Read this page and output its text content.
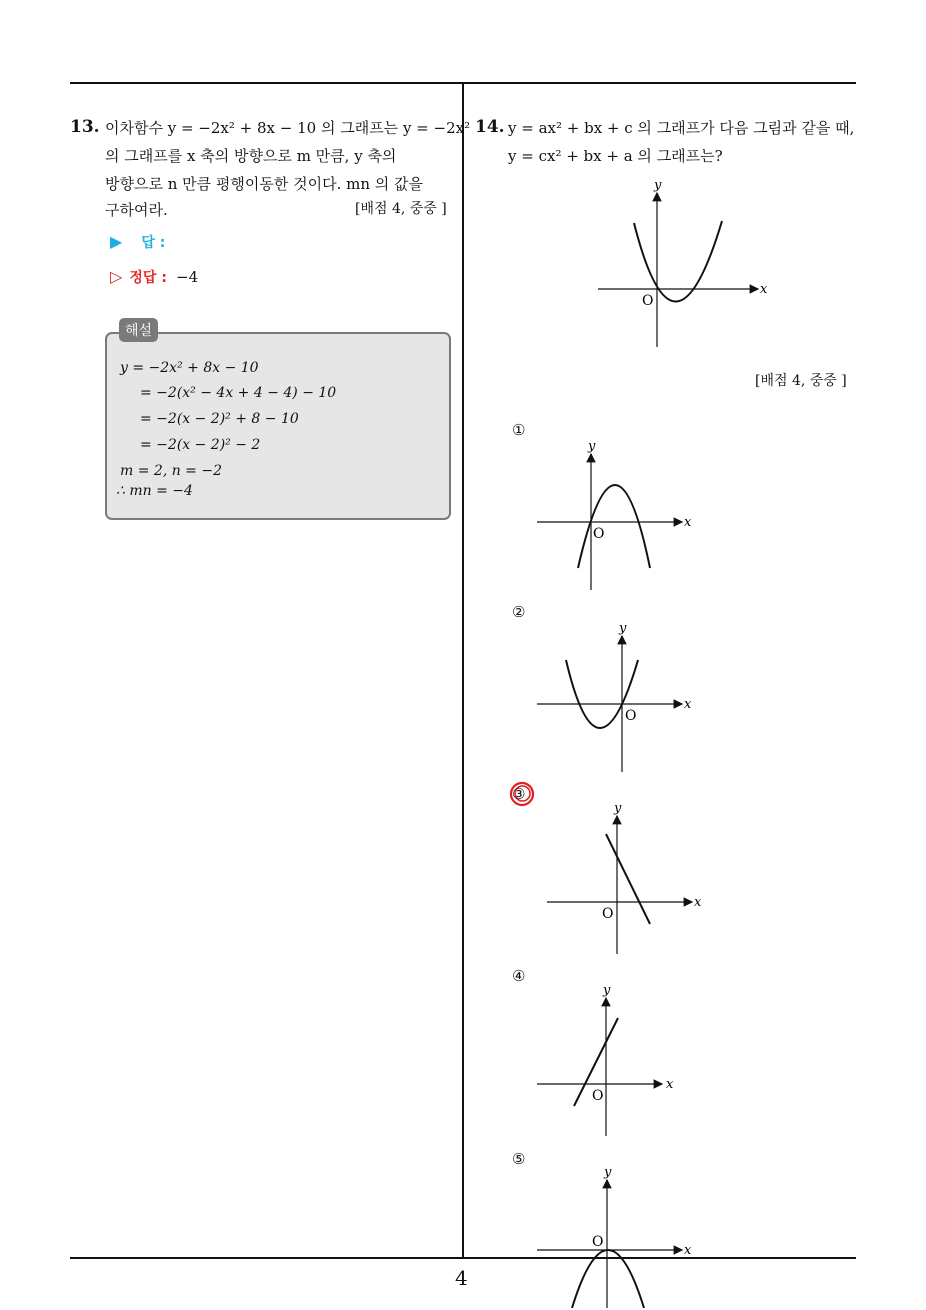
13. 이차함수 y = −2x² + 8x − 10 의 그래프는 y = −2x²
의 그래프를 x 축의 방향으로 m 만큼, y 축의
방향으로 n 만큼 평행이동한 것이다. mn 의 값을
구하여라.	[배점 4, 중중 ]
▶ 답 :
▷ 정답 : −4
해설
y = −2x² + 8x − 10
= −2(x² − 4x + 4 − 4) − 10
= −2(x − 2)² + 8 − 10
= −2(x − 2)² − 2
m = 2, n = −2
∴ mn = −4
14. y = ax² + bx + c 의 그래프가 다음 그림과 같을 때,
y = cx² + bx + a 의 그래프는?
x
y
O
[배점 4, 중중 ]
①
x
y
O
②
x
y
O
③
x
y
O
④
x
y
O
⑤
x
y
O
4
